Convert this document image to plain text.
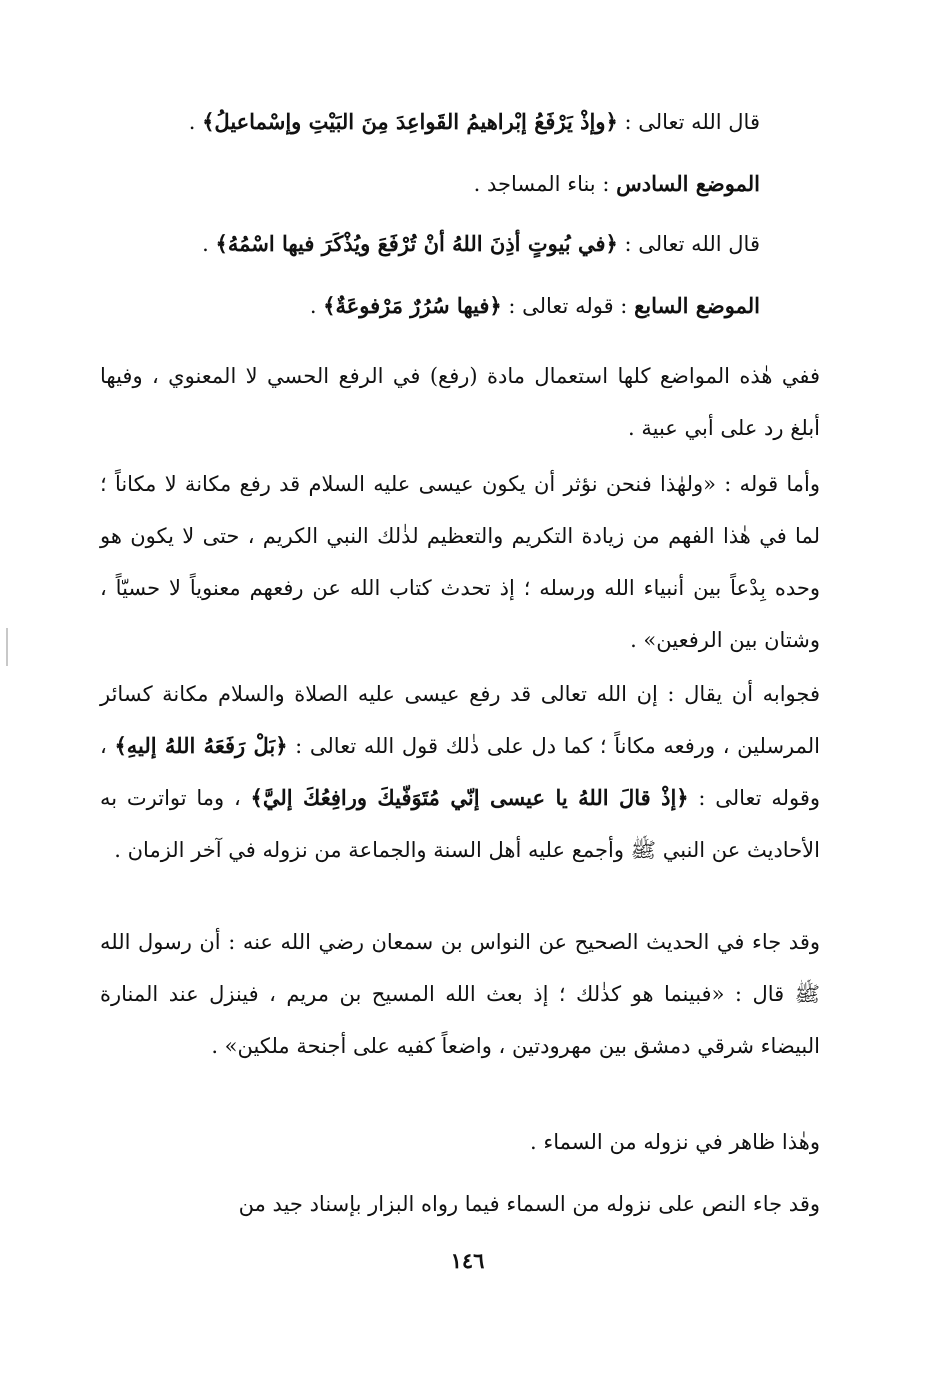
قال الله تعالى : ﴿وإذْ يَرْفَعُ إبْراهيمُ القَواعِدَ مِنَ البَيْتِ وإسْماعيلُ﴾ .

الموضع السادس : بناء المساجد .

قال الله تعالى : ﴿في بُيوتٍ أذِنَ اللهُ أنْ تُرْفَعَ ويُذْكَرَ فيها اسْمُهُ﴾ .

الموضع السابع : قوله تعالى : ﴿فيها سُرُرٌ مَرْفوعَةٌ﴾ .

ففي هٰذه المواضع كلها استعمال مادة (رفع) في الرفع الحسي لا المعنوي ، وفيها أبلغ رد على أبي عبية .

وأما قوله : «ولهٰذا فنحن نؤثر أن يكون عيسى عليه السلام قد رفع مكانة لا مكاناً ؛ لما في هٰذا الفهم من زيادة التكريم والتعظيم لذٰلك النبي الكريم ، حتى لا يكون هو وحده بِدْعاً بين أنبياء الله ورسله ؛ إذ تحدث كتاب الله عن رفعهم معنوياً لا حسيّاً ، وشتان بين الرفعين» .

فجوابه أن يقال : إن الله تعالى قد رفع عيسى عليه الصلاة والسلام مكانة كسائر المرسلين ، ورفعه مكاناً ؛ كما دل على ذٰلك قول الله تعالى : ﴿بَلْ رَفَعَهُ اللهُ إليهِ﴾ ، وقوله تعالى : ﴿إذْ قالَ اللهُ يا عيسى إنّي مُتَوَفّيكَ ورافِعُكَ إليَّ﴾ ، وما تواترت به الأحاديث عن النبي ﷺ وأجمع عليه أهل السنة والجماعة من نزوله في آخر الزمان .

وقد جاء في الحديث الصحيح عن النواس بن سمعان رضي الله عنه : أن رسول الله ﷺ قال : «فبينما هو كذٰلك ؛ إذ بعث الله المسيح بن مريم ، فينزل عند المنارة البيضاء شرقي دمشق بين مهرودتين ، واضعاً كفيه على أجنحة ملكين» .

وهٰذا ظاهر في نزوله من السماء .

وقد جاء النص على نزوله من السماء فيما رواه البزار بإسناد جيد من

١٤٦
